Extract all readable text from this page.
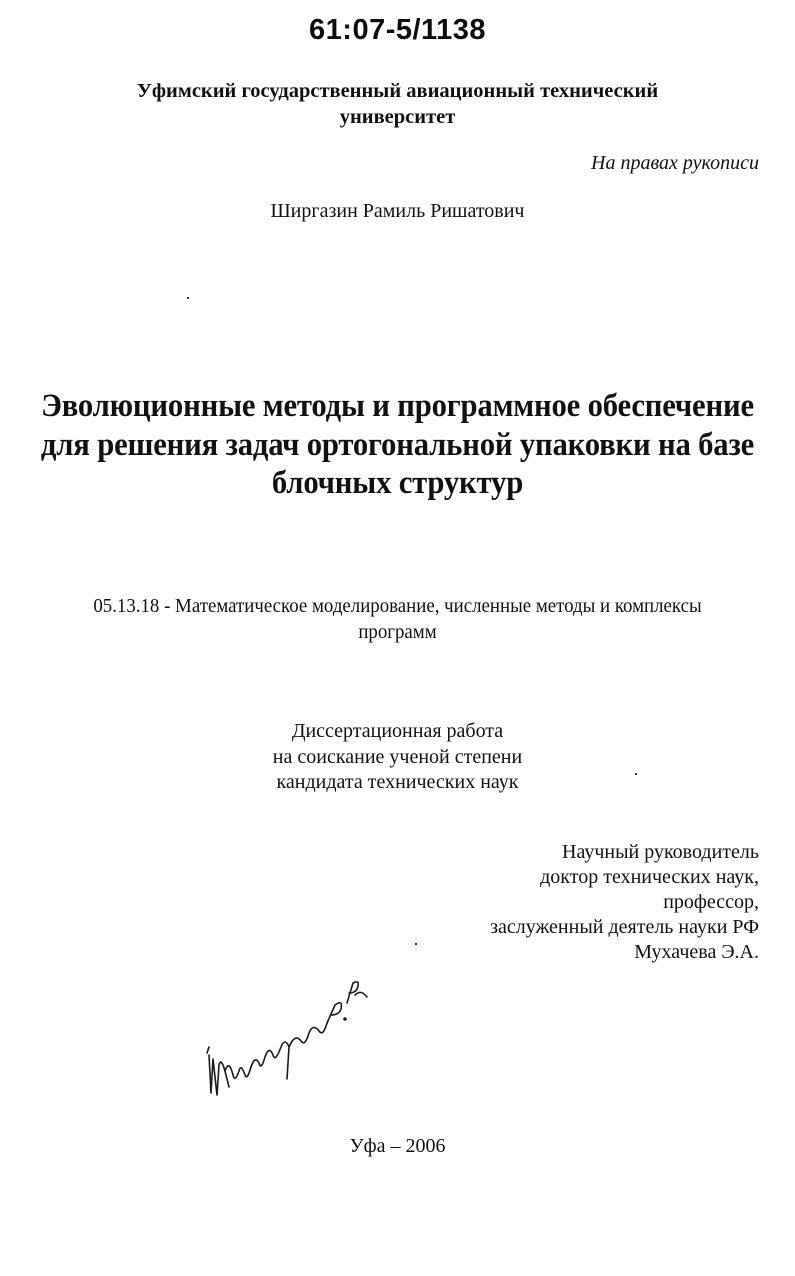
61:07-5/1138
Уфимский государственный авиационный технический
университет
На правах рукописи
Ширгазин Рамиль Ришатович
Эволюционные методы и программное обеспечение
для решения задач ортогональной упаковки на базе
блочных структур
05.13.18 - Математическое моделирование, численные методы и комплексы
программ
Диссертационная работа
на соискание ученой степени
кандидата технических наук
Научный руководитель
доктор технических наук,
профессор,
заслуженный деятель науки РФ
Мухачева Э.А.
Уфа – 2006
